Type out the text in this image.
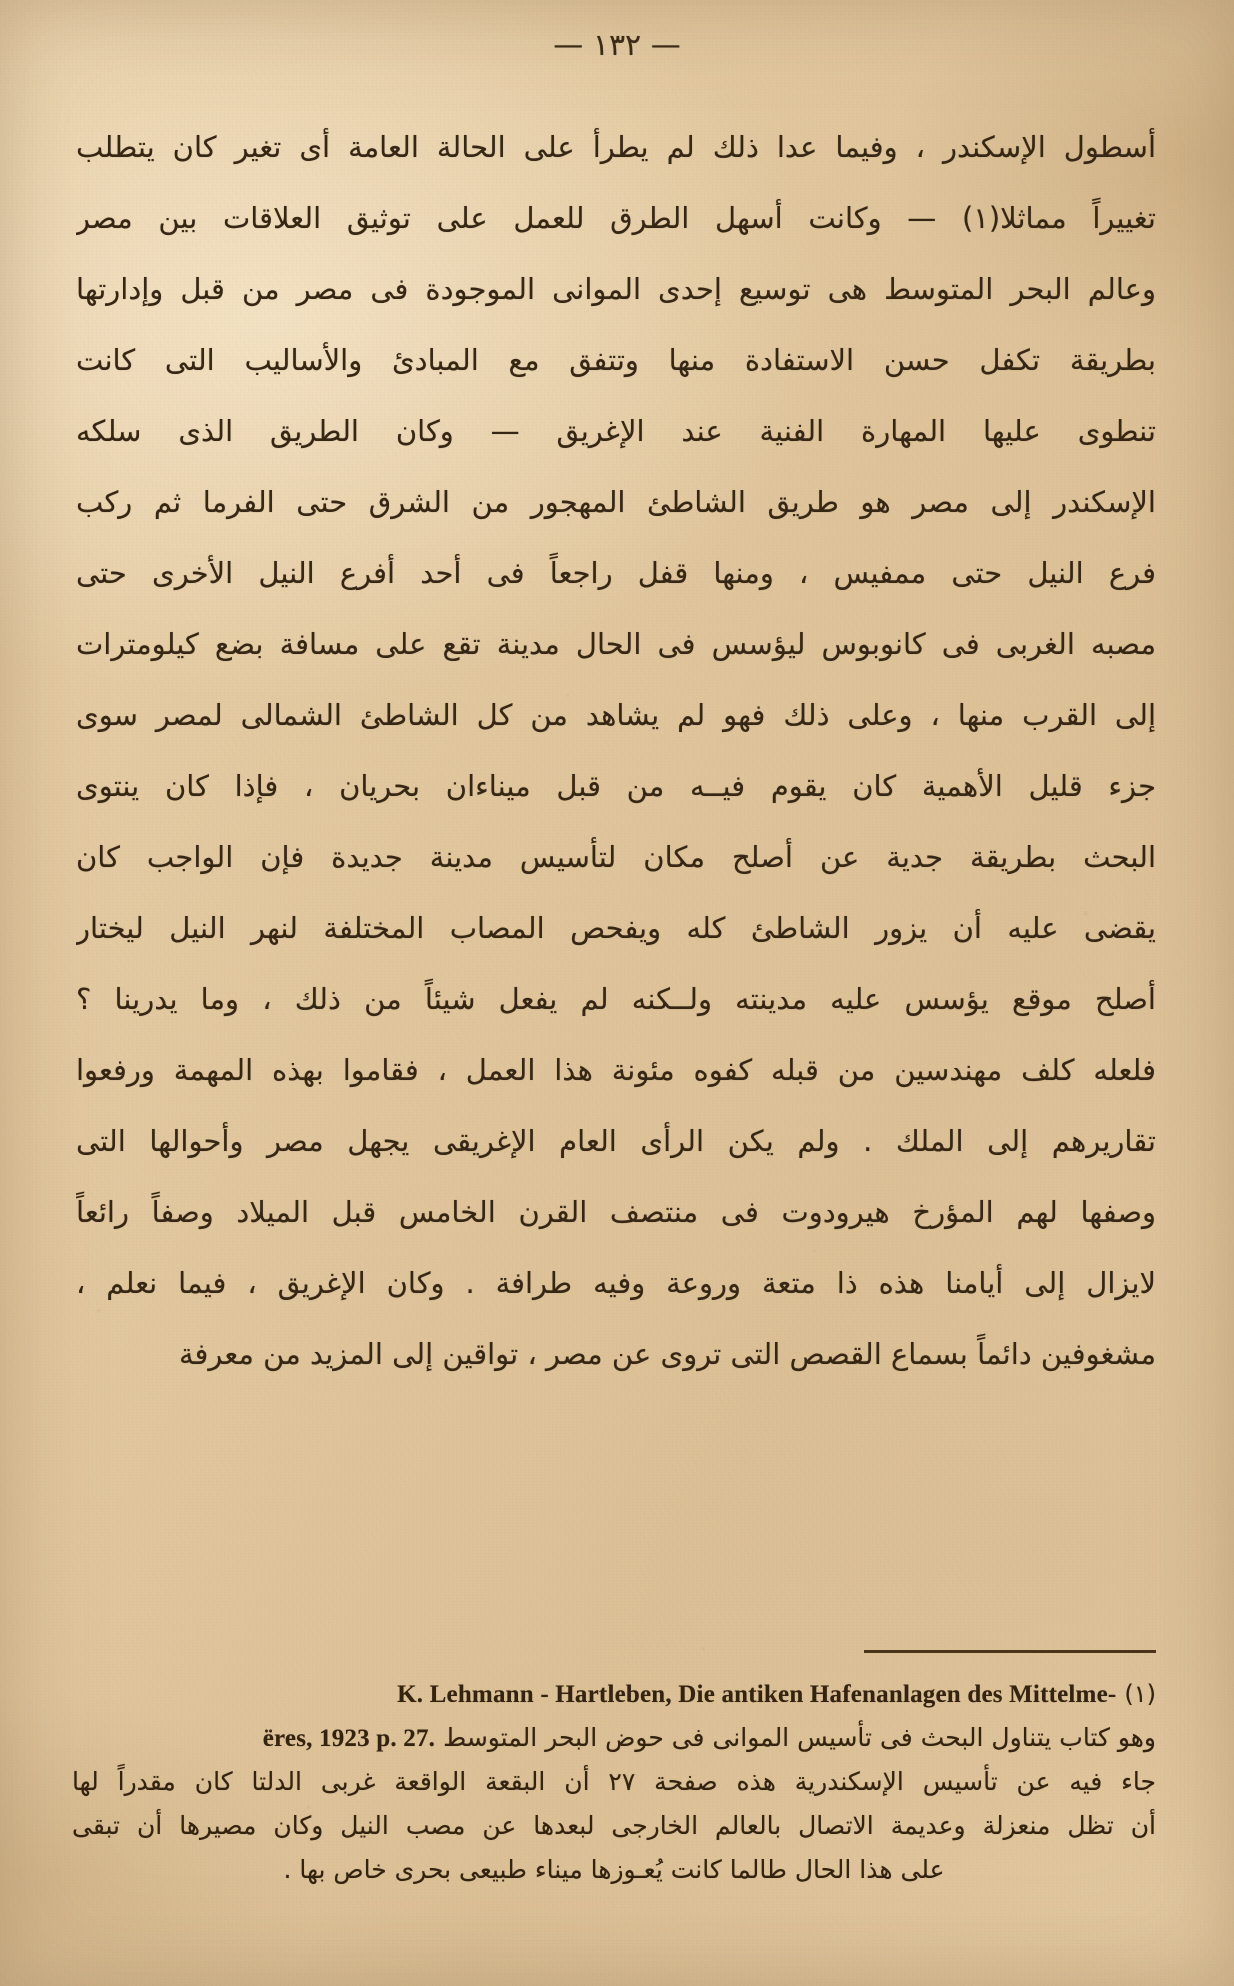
— ١٣٢ —
أسطول الإسكندر ، وفيما عدا ذلك لم يطرأ على الحالة العامة أى تغير كان يتطلب
تغييراً مماثلا(١) — وكانت أسهل الطرق للعمل على توثيق العلاقات بين مصر
وعالم البحر المتوسط هى توسيع إحدى الموانى الموجودة فى مصر من قبل وإدارتها
بطريقة تكفل حسن الاستفادة منها وتتفق مع المبادئ والأساليب التى كانت
تنطوى عليها المهارة الفنية عند الإغريق — وكان الطريق الذى سلكه
الإسكندر إلى مصر هو طريق الشاطئ المهجور من الشرق حتى الفرما ثم ركب
فرع النيل حتى ممفيس ، ومنها قفل راجعاً فى أحد أفرع النيل الأخرى حتى
مصبه الغربى فى كانوبوس ليؤسس فى الحال مدينة تقع على مسافة بضع كيلومترات
إلى القرب منها ، وعلى ذلك فهو لم يشاهد من كل الشاطئ الشمالى لمصر سوى
جزء قليل الأهمية كان يقوم فيــه من قبل ميناءان بحريان ، فإذا كان ينتوى
البحث بطريقة جدية عن أصلح مكان لتأسيس مدينة جديدة فإن الواجب كان
يقضى عليه أن يزور الشاطئ كله ويفحص المصاب المختلفة لنهر النيل ليختار
أصلح موقع يؤسس عليه مدينته ولــكنه لم يفعل شيئاً من ذلك ، وما يدرينا ؟
فلعله كلف مهندسين من قبله كفوه مئونة هذا العمل ، فقاموا بهذه المهمة ورفعوا
تقاريرهم إلى الملك . ولم يكن الرأى العام الإغريقى يجهل مصر وأحوالها التى
وصفها لهم المؤرخ هيرودوت فى منتصف القرن الخامس قبل الميلاد وصفاً رائعاً
لايزال إلى أيامنا هذه ذا متعة وروعة وفيه طرافة . وكان الإغريق ، فيما نعلم ،
مشغوفين دائماً بسماع القصص التى تروى عن مصر ، تواقين إلى المزيد من معرفة
(١) K. Lehmann - Hartleben, Die antiken Hafenanlagen des Mittelme-
وهو كتاب يتناول البحث فى تأسيس الموانى فى حوض البحر المتوسط ёres, 1923 p. 27.
جاء فيه عن تأسيس الإسكندرية هذه صفحة ٢٧ أن البقعة الواقعة غربى الدلتا كان مقدراً لها
أن تظل منعزلة وعديمة الاتصال بالعالم الخارجى لبعدها عن مصب النيل وكان مصيرها أن تبقى
على هذا الحال طالما كانت يُعـوزها ميناء طبيعى بحرى خاص بها .
